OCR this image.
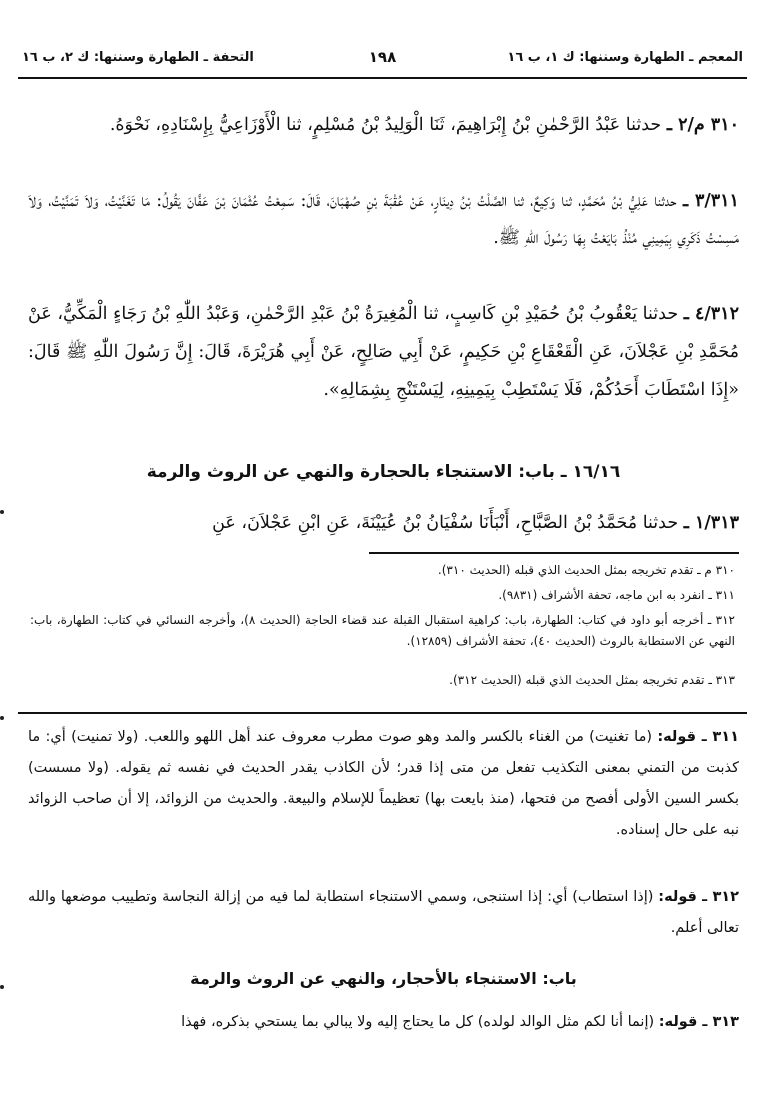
المعجم ـ الطهارة وسننها: ك ١، ب ١٦
١٩٨
التحفة ـ الطهارة وسننها: ك ٢، ب ١٦
٣١٠ م/٢ ـ حدثنا عَبْدُ الرَّحْمٰنِ بْنُ إِبْرَاهِيمَ، ثَنَا الْوَلِيدُ بْنُ مُسْلِمٍ، ثنا الْأَوْزَاعِيُّ بِإِسْنَادِهِ، نَحْوَهُ.
٣/٣١١ ـ حدثنا عَلِيُّ بْنُ مُحَمَّدٍ، ثنا وَكِيعٌ، ثنا الصَّلْتُ بْنُ دِينَارٍ، عَنْ عُقْبَةَ بْنِ صُهْبَانَ، قَالَ: سَمِعْتُ عُثْمَانَ بْنَ عَفَّانَ يَقُولُ: مَا تَغَنَّيْتُ، وَلاَ تَمَنَّيْتُ، وَلاَ مَسِسْتُ ذَكَرِي بِيَمِينِي مُنْذُ بَايَعْتُ بِهَا رَسُولَ اللّٰهِ ﷺ.
٤/٣١٢ ـ حدثنا يَعْقُوبُ بْنُ حُمَيْدِ بْنِ كَاسِبٍ، ثنا الْمُغِيرَةُ بْنُ عَبْدِ الرَّحْمٰنِ، وَعَبْدُ اللّٰهِ بْنُ رَجَاءٍ الْمَكِّيُّ، عَنْ مُحَمَّدِ بْنِ عَجْلاَنَ، عَنِ الْقَعْقَاعِ بْنِ حَكِيمٍ، عَنْ أَبِي صَالِحٍ، عَنْ أَبِي هُرَيْرَةَ، قَالَ: إِنَّ رَسُولَ اللّٰهِ ﷺ قَالَ: «إِذَا اسْتَطَابَ أَحَدُكُمْ، فَلَا يَسْتَطِبْ بِيَمِينِهِ، لِيَسْتَنْجِ بِشِمَالِهِ».
١٦/١٦ ـ باب: الاستنجاء بالحجارة والنهي عن الروث والرمة
١/٣١٣ ـ حدثنا مُحَمَّدُ بْنُ الصَّبَّاحِ، أَنْبَأَنَا سُفْيَانُ بْنُ عُيَيْنَةَ، عَنِ ابْنِ عَجْلاَنَ، عَنِ
٣١٠ م ـ تقدم تخريجه بمثل الحديث الذي قبله (الحديث ٣١٠).
٣١١ ـ انفرد به ابن ماجه، تحفة الأشراف (٩٨٣١).
٣١٢ ـ أخرجه أبو داود في كتاب: الطهارة، باب: كراهية استقبال القبلة عند قضاء الحاجة (الحديث ٨)، وأخرجه النسائي في كتاب: الطهارة، باب: النهي عن الاستطابة بالروث (الحديث ٤٠)، تحفة الأشراف (١٢٨٥٩).
٣١٣ ـ تقدم تخريجه بمثل الحديث الذي قبله (الحديث ٣١٢).
٣١١ ـ قوله: (ما تغنيت) من الغناء بالكسر والمد وهو صوت مطرب معروف عند أهل اللهو واللعب. (ولا تمنيت) أي: ما كذبت من التمني بمعنى التكذيب تفعل من متى إذا قدر؛ لأن الكاذب يقدر الحديث في نفسه ثم يقوله. (ولا مسست) بكسر السين الأولى أفصح من فتحها، (منذ بايعت بها) تعظيماً للإسلام والبيعة. والحديث من الزوائد، إلا أن صاحب الزوائد نبه على حال إسناده.
٣١٢ ـ قوله: (إذا استطاب) أي: إذا استنجى، وسمي الاستنجاء استطابة لما فيه من إزالة النجاسة وتطييب موضعها والله تعالى أعلم.
باب: الاستنجاء بالأحجار، والنهي عن الروث والرمة
٣١٣ ـ قوله: (إنما أنا لكم مثل الوالد لولده) كل ما يحتاج إليه ولا يبالي بما يستحي بذكره، فهذا
